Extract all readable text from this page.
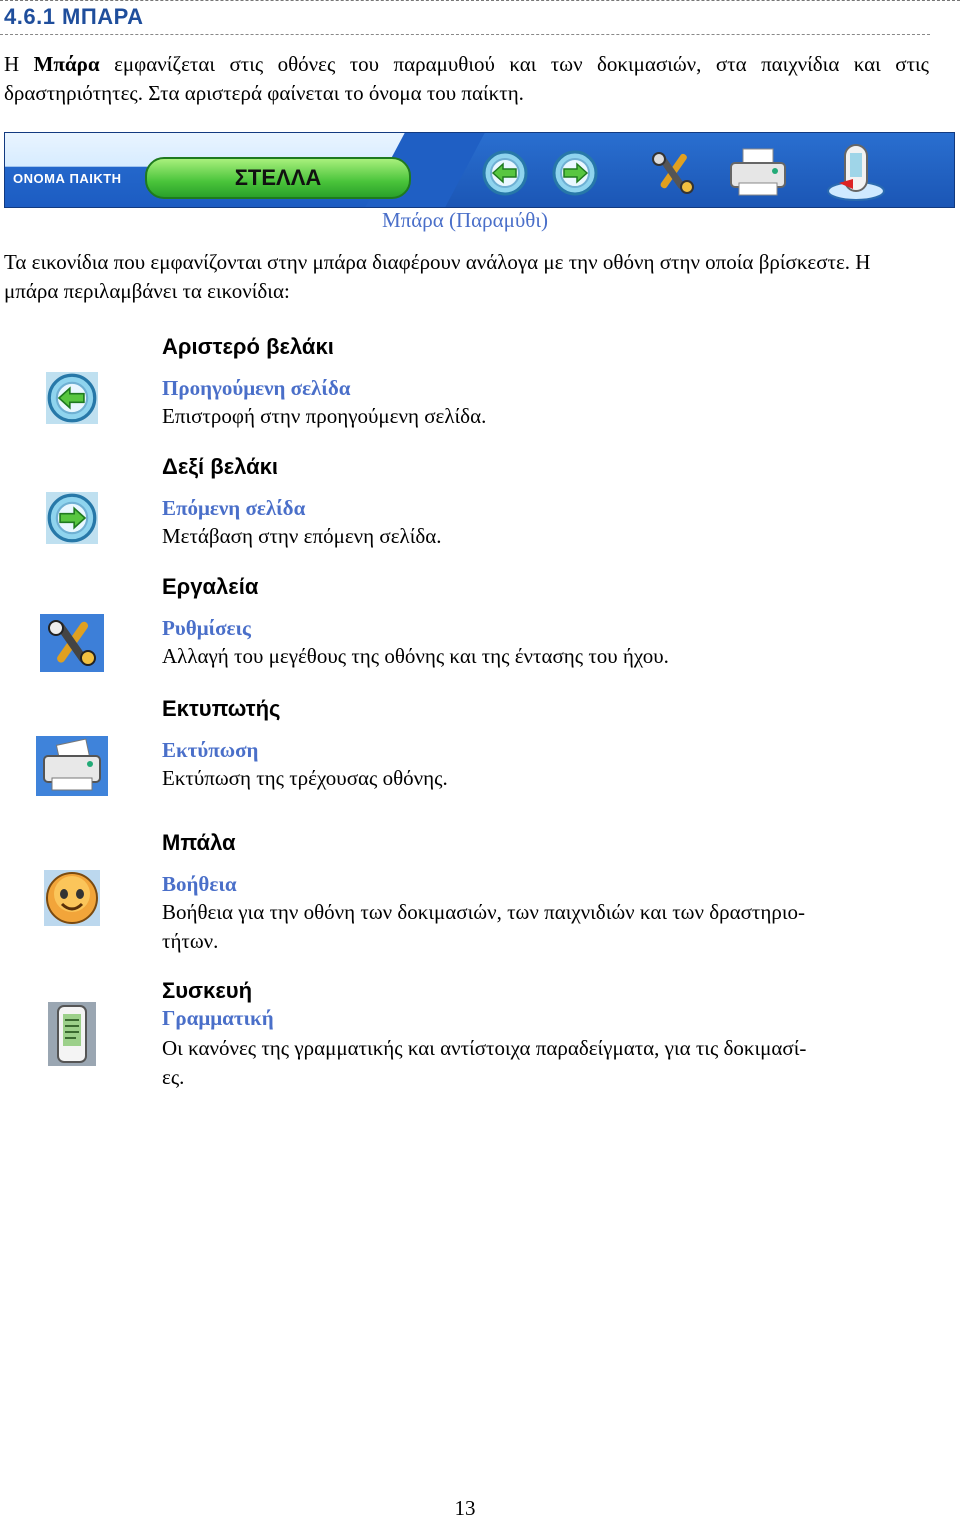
4.6.1 ΜΠΑΡΑ

Η Μπάρα εμφανίζεται στις οθόνες του παραμυθιού και των δοκιμασιών, στα παιχνίδια και στις δραστηριότητες. Στα αριστερά φαίνεται το όνομα του παίκτη.

ΟΝΟΜΑ ΠΑΙΚΤΗ	ΣΤΕΛΛΑ
Μπάρα (Παραμύθι)

Τα εικονίδια που εμφανίζονται στην μπάρα διαφέρουν ανάλογα με την οθόνη στην οποία βρίσκεστε. Η μπάρα περιλαμβάνει τα εικονίδια:

Αριστερό βελάκι
Προηγούμενη σελίδα

Επιστροφή στην προηγούμενη σελίδα.

Δεξί βελάκι
Επόμενη σελίδα

Μετάβαση στην επόμενη σελίδα.

Εργαλεία
Ρυθμίσεις

Αλλαγή του μεγέθους της οθόνης και της έντασης του ήχου.

Εκτυπωτής
Εκτύπωση

Εκτύπωση της τρέχουσας οθόνης.

Μπάλα
Βοήθεια

Βοήθεια για την οθόνη των δοκιμασιών, των παιχνιδιών και των δραστηριο-
τήτων.

Συσκευή
Γραμματική

Οι κανόνες της γραμματικής και αντίστοιχα παραδείγματα, για τις δοκιμασί-
ες.

13
